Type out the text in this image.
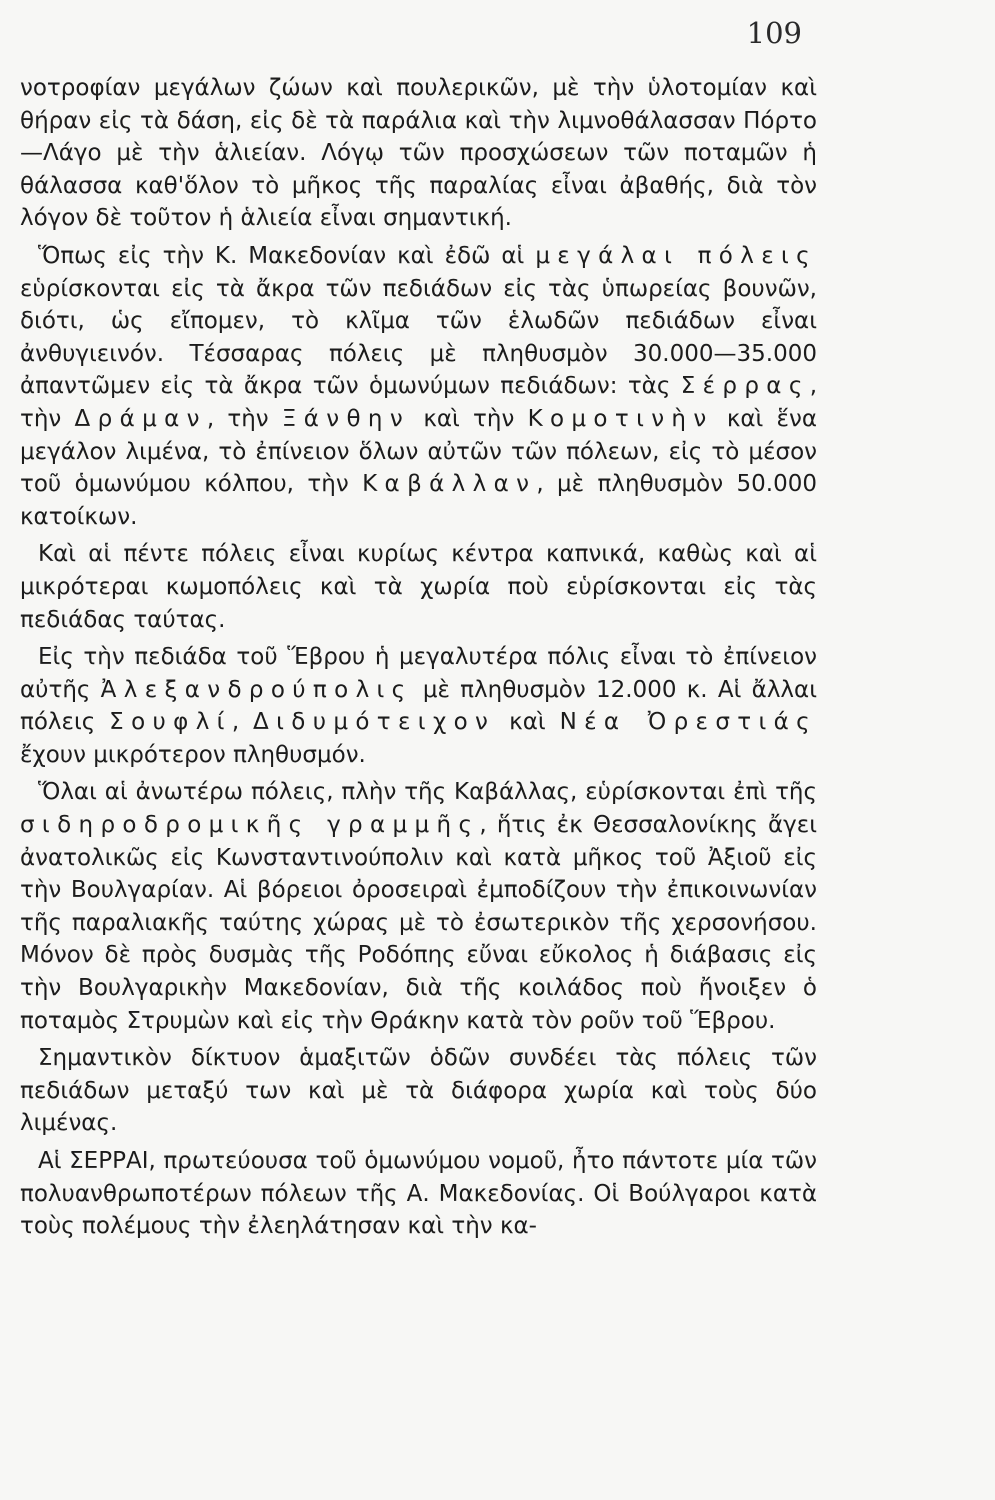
109

νοτροφίαν μεγάλων ζώων καὶ πουλερικῶν, μὲ τὴν ὑλοτομίαν καὶ θήραν εἰς τὰ δάση, εἰς δὲ τὰ παράλια καὶ τὴν λιμνοθάλασσαν Πόρτο—Λάγο μὲ τὴν ἁλιείαν. Λόγῳ τῶν προσχώσεων τῶν ποταμῶν ἡ θάλασσα καθ'ὅλον τὸ μῆκος τῆς παραλίας εἶναι ἀβαθής, διὰ τὸν λόγον δὲ τοῦτον ἡ ἁλιεία εἶναι σημαντική.

Ὅπως εἰς τὴν Κ. Μακεδονίαν καὶ ἐδῶ αἱ μεγάλαι πόλεις εὑρίσκονται εἰς τὰ ἄκρα τῶν πεδιάδων εἰς τὰς ὑπωρείας βουνῶν, διότι, ὡς εἴπομεν, τὸ κλῖμα τῶν ἑλωδῶν πεδιάδων εἶναι ἀνθυγιεινόν. Τέσσαρας πόλεις μὲ πληθυσμὸν 30.000—35.000 ἀπαντῶμεν εἰς τὰ ἄκρα τῶν ὁμωνύμων πεδιάδων: τὰς Σέρρας, τὴν Δράμαν, τὴν Ξάνθην καὶ τὴν Κομοτινὴν καὶ ἕνα μεγάλον λιμένα, τὸ ἐπίνειον ὅλων αὐτῶν τῶν πόλεων, εἰς τὸ μέσον τοῦ ὁμωνύμου κόλπου, τὴν Καβάλλαν, μὲ πληθυσμὸν 50.000 κατοίκων.

Καὶ αἱ πέντε πόλεις εἶναι κυρίως κέντρα καπνικά, καθὼς καὶ αἱ μικρότεραι κωμοπόλεις καὶ τὰ χωρία ποὺ εὑρίσκονται εἰς τὰς πεδιάδας ταύτας.

Εἰς τὴν πεδιάδα τοῦ Ἕβρου ἡ μεγαλυτέρα πόλις εἶναι τὸ ἐπίνειον αὐτῆς Ἀλεξανδρούπολις μὲ πληθυσμὸν 12.000 κ. Αἱ ἄλλαι πόλεις Σουφλί, Διδυμότειχον καὶ Νέα Ὀρεστιάς ἔχουν μικρότερον πληθυσμόν.

Ὅλαι αἱ ἀνωτέρω πόλεις, πλὴν τῆς Καβάλλας, εὑρίσκονται ἐπὶ τῆς σιδηροδρομικῆς γραμμῆς, ἥτις ἐκ Θεσσαλονίκης ἄγει ἀνατολικῶς εἰς Κωνσταντινούπολιν καὶ κατὰ μῆκος τοῦ Ἀξιοῦ εἰς τὴν Βουλγαρίαν. Αἱ βόρειοι ὀροσειραὶ ἐμποδίζουν τὴν ἐπικοινωνίαν τῆς παραλιακῆς ταύτης χώρας μὲ τὸ ἐσωτερικὸν τῆς χερσονήσου. Μόνον δὲ πρὸς δυσμὰς τῆς Ροδόπης εὔναι εὔκολος ἡ διάβασις εἰς τὴν Βουλγαρικὴν Μακεδονίαν, διὰ τῆς κοιλάδος ποὺ ἤνοιξεν ὁ ποταμὸς Στρυμὼν καὶ εἰς τὴν Θράκην κατὰ τὸν ροῦν τοῦ Ἕβρου.

Σημαντικὸν δίκτυον ἁμαξιτῶν ὁδῶν συνδέει τὰς πόλεις τῶν πεδιάδων μεταξύ των καὶ μὲ τὰ διάφορα χωρία καὶ τοὺς δύο λιμένας.

Αἱ ΣΕΡΡΑΙ, πρωτεύουσα τοῦ ὁμωνύμου νομοῦ, ἦτο πάντοτε μία τῶν πολυανθρωποτέρων πόλεων τῆς Α. Μακεδονίας. Οἱ Βούλγαροι κατὰ τοὺς πολέμους τὴν ἐλεηλάτησαν καὶ τὴν κα-
